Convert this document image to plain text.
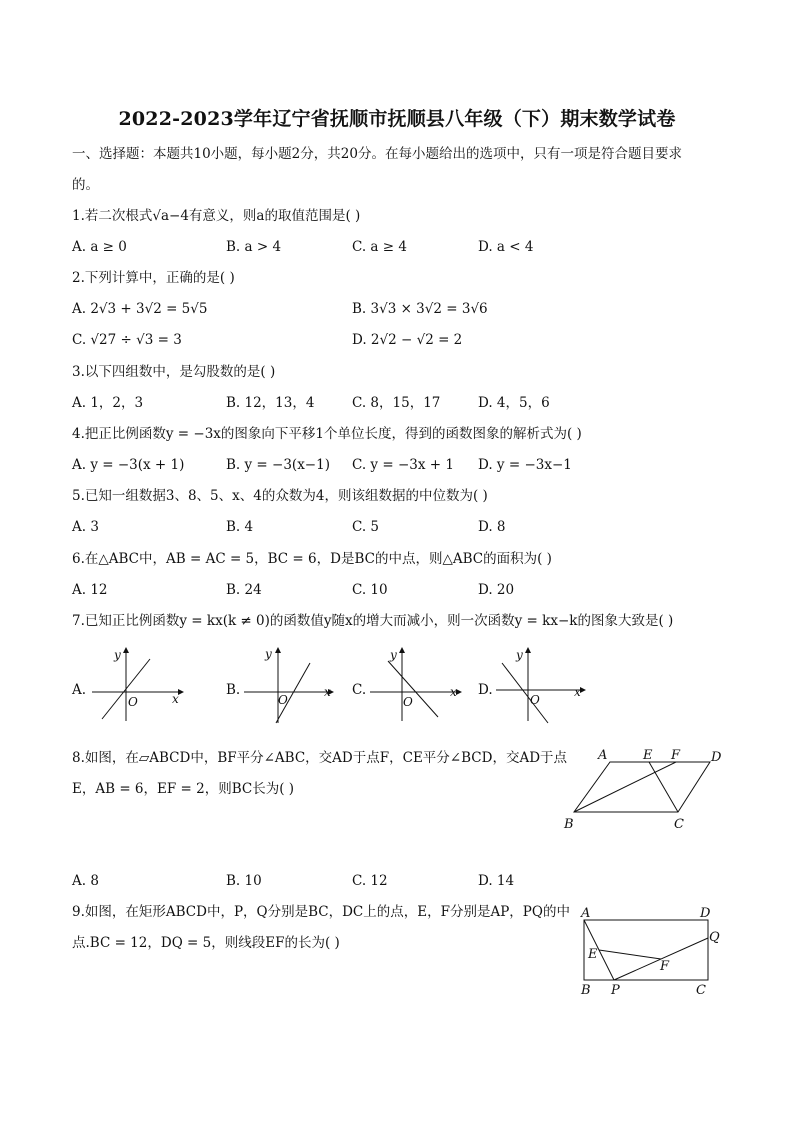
2022-2023学年辽宁省抚顺市抚顺县八年级（下）期末数学试卷
一、选择题：本题共10小题，每小题2分，共20分。在每小题给出的选项中，只有一项是符合题目要求
的。
1.若二次根式√a−4有意义，则a的取值范围是( )
A. a ≥ 0	B. a > 4	C. a ≥ 4	D. a < 4
2.下列计算中，正确的是( )
A. 2√3 + 3√2 = 5√5	B. 3√3 × 3√2 = 3√6
C. √27 ÷ √3 = 3	D. 2√2 − √2 = 2
3.以下四组数中，是勾股数的是( )
A. 1，2，3	B. 12，13，4	C. 8，15，17	D. 4，5，6
4.把正比例函数y = −3x的图象向下平移1个单位长度，得到的函数图象的解析式为( )
A. y = −3(x + 1)	B. y = −3(x−1) C. y = −3x + 1 D. y = −3x−1
5.已知一组数据3、8、5、x、4的众数为4，则该组数据的中位数为( )
A. 3	B. 4	C. 5	D. 8
6.在△ABC中，AB = AC = 5，BC = 6，D是BC的中点，则△ABC的面积为( )
A. 12	B. 24	C. 10	D. 20
7.已知正比例函数y = kx(k ≠ 0)的函数值y随x的增大而减小，则一次函数y = kx−k的图象大致是( )
A.
y
x
O
B.
y
x
O
C.
y
x
O
D.
y
x
O
8.如图，在▱ABCD中，BF平分∠ABC，交AD于点F，CE平分∠BCD，交AD于点
E，AB = 6，EF = 2，则BC长为( )
A	E F D
B	C
A. 8	B. 10	C. 12	D. 14
9.如图，在矩形ABCD中，P，Q分别是BC，DC上的点，E，F分别是AP，PQ的中
点.BC = 12，DQ = 5，则线段EF的长为( )
A	D
Q
E
F
B P	C
